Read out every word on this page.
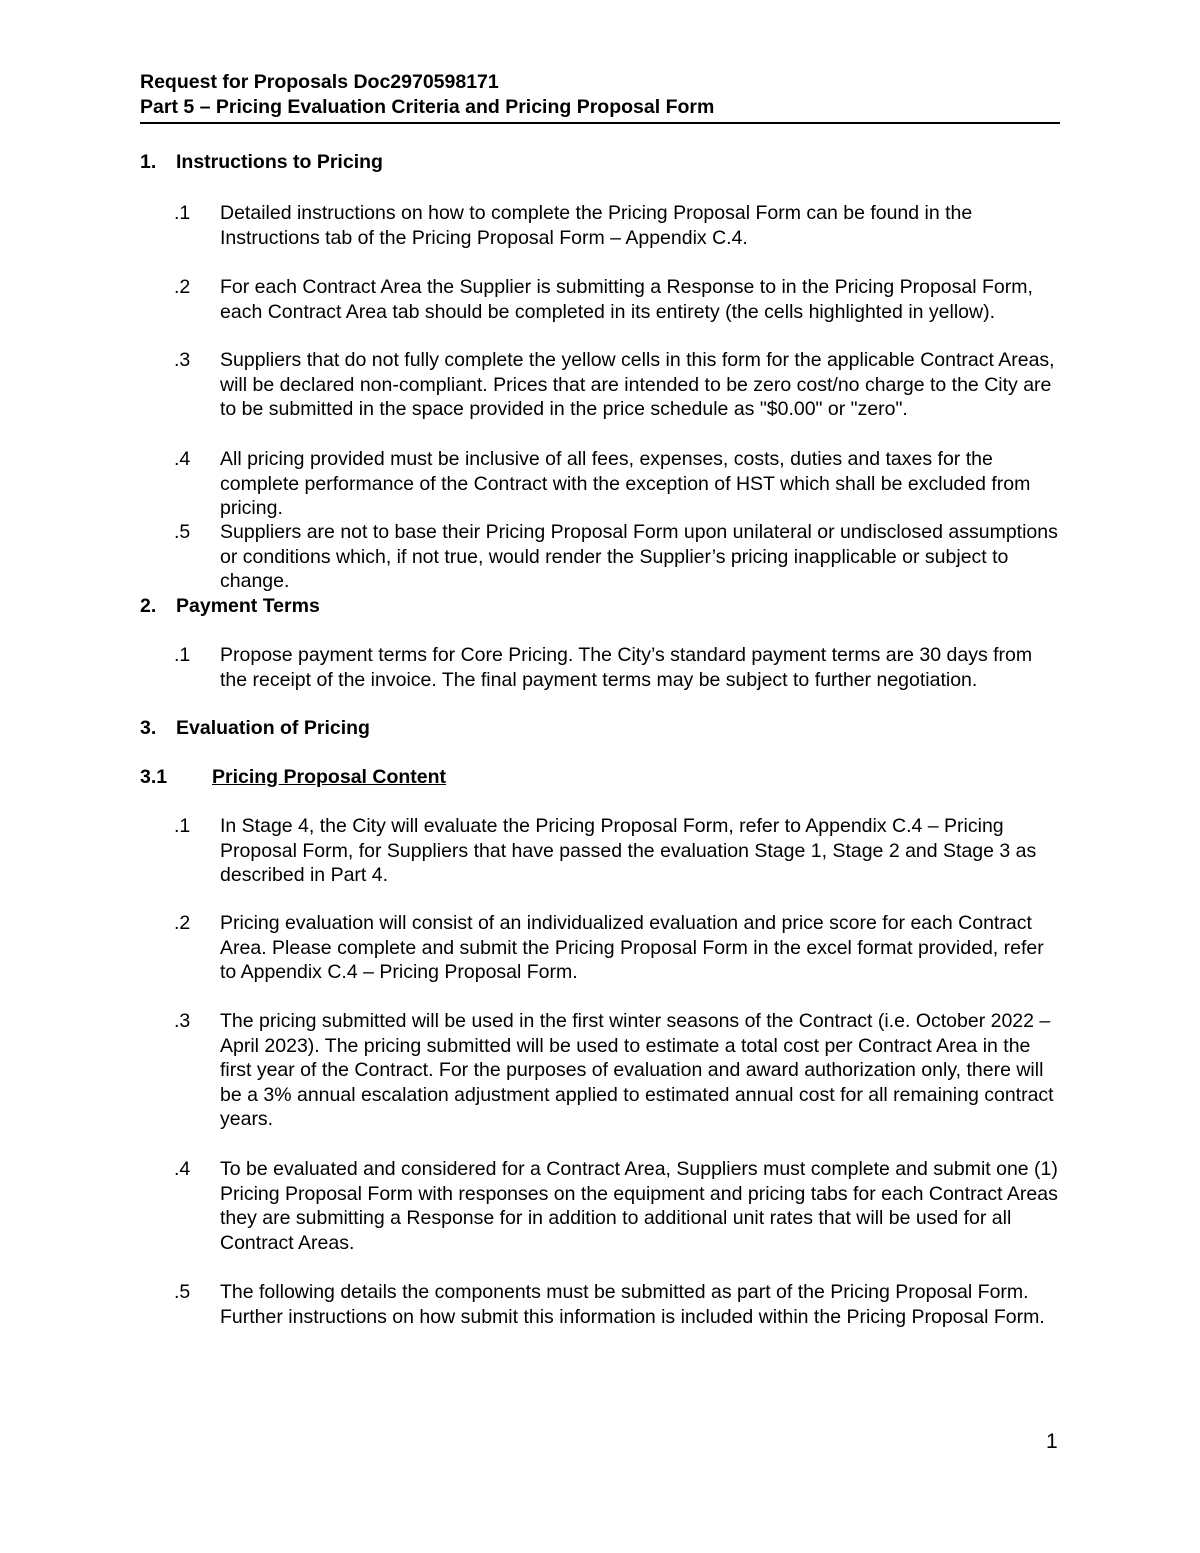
Request for Proposals Doc2970598171
Part 5 – Pricing Evaluation Criteria and Pricing Proposal Form
1. Instructions to Pricing
.1	Detailed instructions on how to complete the Pricing Proposal Form can be found in the Instructions tab of the Pricing Proposal Form – Appendix C.4.
.2	For each Contract Area the Supplier is submitting a Response to in the Pricing Proposal Form, each Contract Area tab should be completed in its entirety (the cells highlighted in yellow).
.3	Suppliers that do not fully complete the yellow cells in this form for the applicable Contract Areas, will be declared non-compliant. Prices that are intended to be zero cost/no charge to the City are to be submitted in the space provided in the price schedule as "$0.00" or "zero".
.4	All pricing provided must be inclusive of all fees, expenses, costs, duties and taxes for the complete performance of the Contract with the exception of HST which shall be excluded from pricing.
.5	Suppliers are not to base their Pricing Proposal Form upon unilateral or undisclosed assumptions or conditions which, if not true, would render the Supplier’s pricing inapplicable or subject to change.
2. Payment Terms
.1	Propose payment terms for Core Pricing. The City’s standard payment terms are 30 days from the receipt of the invoice. The final payment terms may be subject to further negotiation.
3. Evaluation of Pricing
3.1 Pricing Proposal Content
.1	In Stage 4, the City will evaluate the Pricing Proposal Form, refer to Appendix C.4 – Pricing Proposal Form, for Suppliers that have passed the evaluation Stage 1, Stage 2 and Stage 3 as described in Part 4.
.2	Pricing evaluation will consist of an individualized evaluation and price score for each Contract Area. Please complete and submit the Pricing Proposal Form in the excel format provided, refer to Appendix C.4 – Pricing Proposal Form.
.3	The pricing submitted will be used in the first winter seasons of the Contract (i.e. October 2022 – April 2023). The pricing submitted will be used to estimate a total cost per Contract Area in the first year of the Contract. For the purposes of evaluation and award authorization only, there will be a 3% annual escalation adjustment applied to estimated annual cost for all remaining contract years.
.4	To be evaluated and considered for a Contract Area, Suppliers must complete and submit one (1) Pricing Proposal Form with responses on the equipment and pricing tabs for each Contract Areas they are submitting a Response for in addition to additional unit rates that will be used for all Contract Areas.
.5	The following details the components must be submitted as part of the Pricing Proposal Form. Further instructions on how submit this information is included within the Pricing Proposal Form.
1
